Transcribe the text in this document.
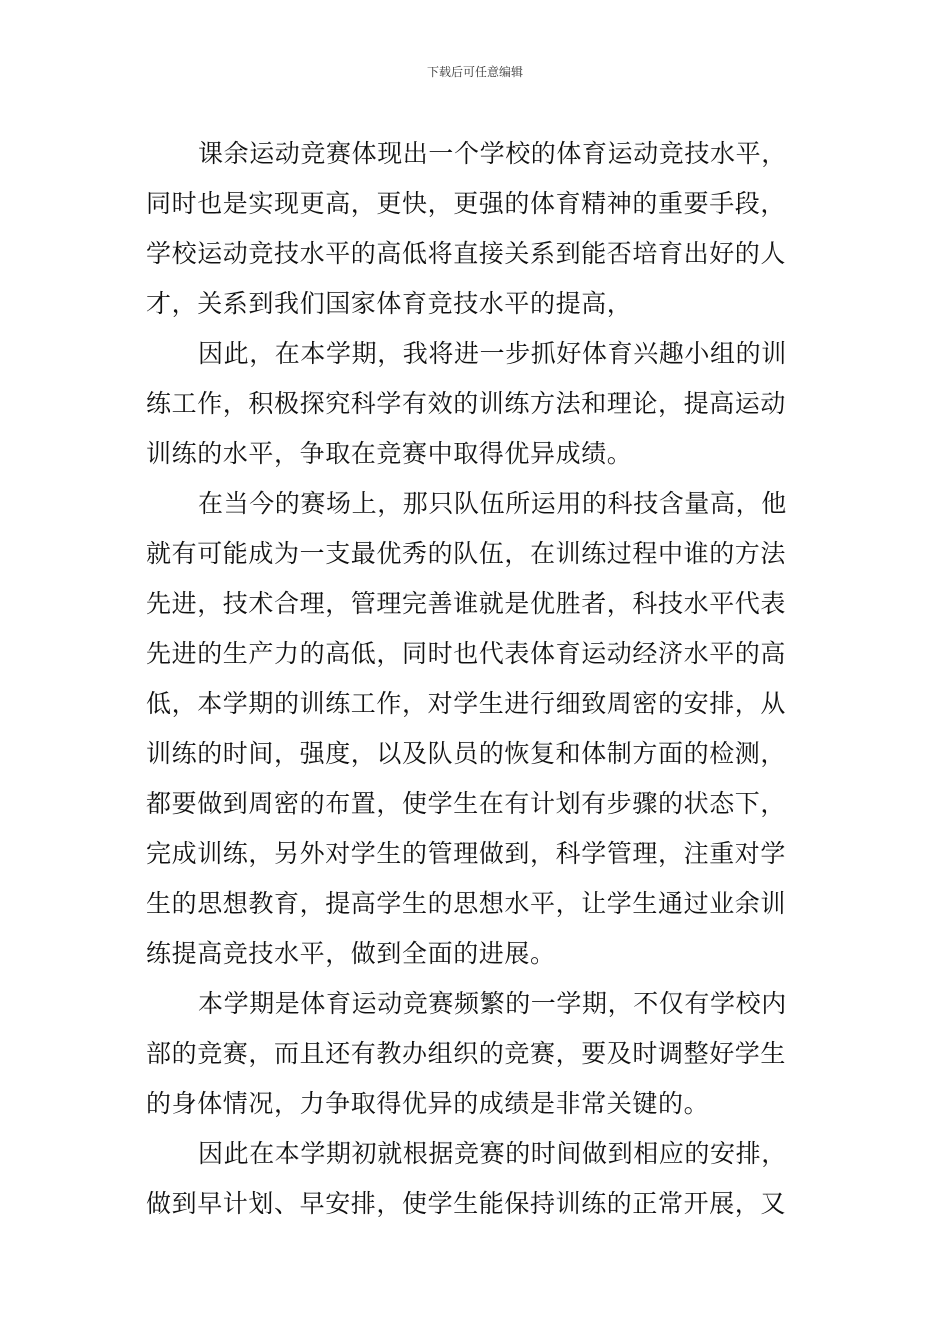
下载后可任意编辑
课余运动竞赛体现出一个学校的体育运动竞技水平，
同时也是实现更高，更快，更强的体育精神的重要手段，
学校运动竞技水平的高低将直接关系到能否培育出好的人
才，关系到我们国家体育竞技水平的提高，
因此，在本学期，我将进一步抓好体育兴趣小组的训
练工作，积极探究科学有效的训练方法和理论，提高运动
训练的水平，争取在竞赛中取得优异成绩。
在当今的赛场上，那只队伍所运用的科技含量高，他
就有可能成为一支最优秀的队伍，在训练过程中谁的方法
先进，技术合理，管理完善谁就是优胜者，科技水平代表
先进的生产力的高低，同时也代表体育运动经济水平的高
低，本学期的训练工作，对学生进行细致周密的安排，从
训练的时间，强度，以及队员的恢复和体制方面的检测，
都要做到周密的布置，使学生在有计划有步骤的状态下，
完成训练，另外对学生的管理做到，科学管理，注重对学
生的思想教育，提高学生的思想水平，让学生通过业余训
练提高竞技水平，做到全面的进展。
本学期是体育运动竞赛频繁的一学期，不仅有学校内
部的竞赛，而且还有教办组织的竞赛，要及时调整好学生
的身体情况，力争取得优异的成绩是非常关键的。
因此在本学期初就根据竞赛的时间做到相应的安排，
做到早计划、早安排，使学生能保持训练的正常开展，又
